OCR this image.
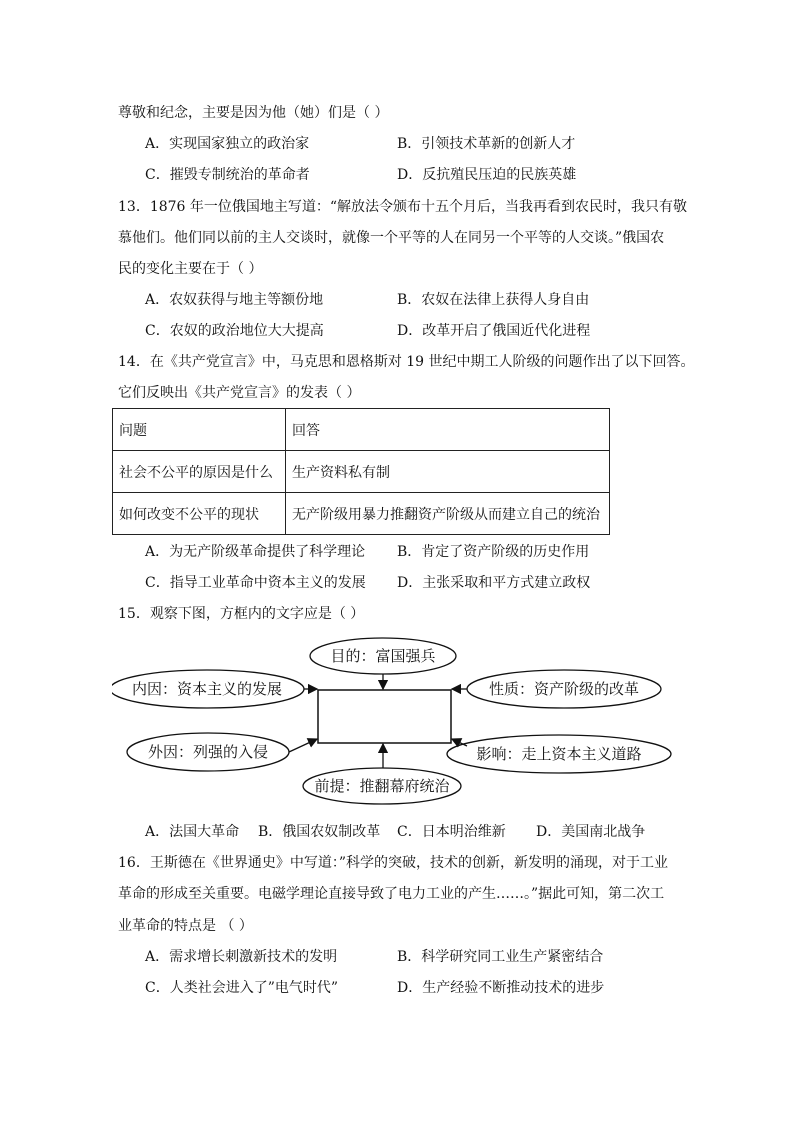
尊敬和纪念，主要是因为他（她）们是（ ）
A．实现国家独立的政治家	B．引领技术革新的创新人才
C．摧毁专制统治的革命者	D．反抗殖民压迫的民族英雄
13．1876 年一位俄国地主写道：“解放法令颁布十五个月后，当我再看到农民时，我只有敬
慕他们。他们同以前的主人交谈时，就像一个平等的人在同另一个平等的人交谈。”俄国农
民的变化主要在于（ ）
A．农奴获得与地主等额份地	B．农奴在法律上获得人身自由
C．农奴的政治地位大大提高	D．改革开启了俄国近代化进程
14．在《共产党宣言》中，马克思和恩格斯对 19 世纪中期工人阶级的问题作出了以下回答。
它们反映出《共产党宣言》的发表（ ）
问题	回答
社会不公平的原因是什么	生产资料私有制
如何改变不公平的现状	无产阶级用暴力推翻资产阶级从而建立自己的统治
A．为无产阶级革命提供了科学理论 B．肯定了资产阶级的历史作用
C．指导工业革命中资本主义的发展 D．主张采取和平方式建立政权
15．观察下图，方框内的文字应是（ ）
目的：富国强兵
内因：资本主义的发展	性质：资产阶级的改革
外因：列强的入侵	影响：走上资本主义道路
前提：推翻幕府统治
A．法国大革命 B．俄国农奴制改革 C．日本明治维新 D．美国南北战争
16．王斯德在《世界通史》中写道：”科学的突破，技术的创新，新发明的涌现，对于工业
革命的形成至关重要。电磁学理论直接导致了电力工业的产生……。”据此可知，第二次工
业革命的特点是 （ ）
A．需求增长刺激新技术的发明	B．科学研究同工业生产紧密结合
C．人类社会进入了”电气时代”	D．生产经验不断推动技术的进步
